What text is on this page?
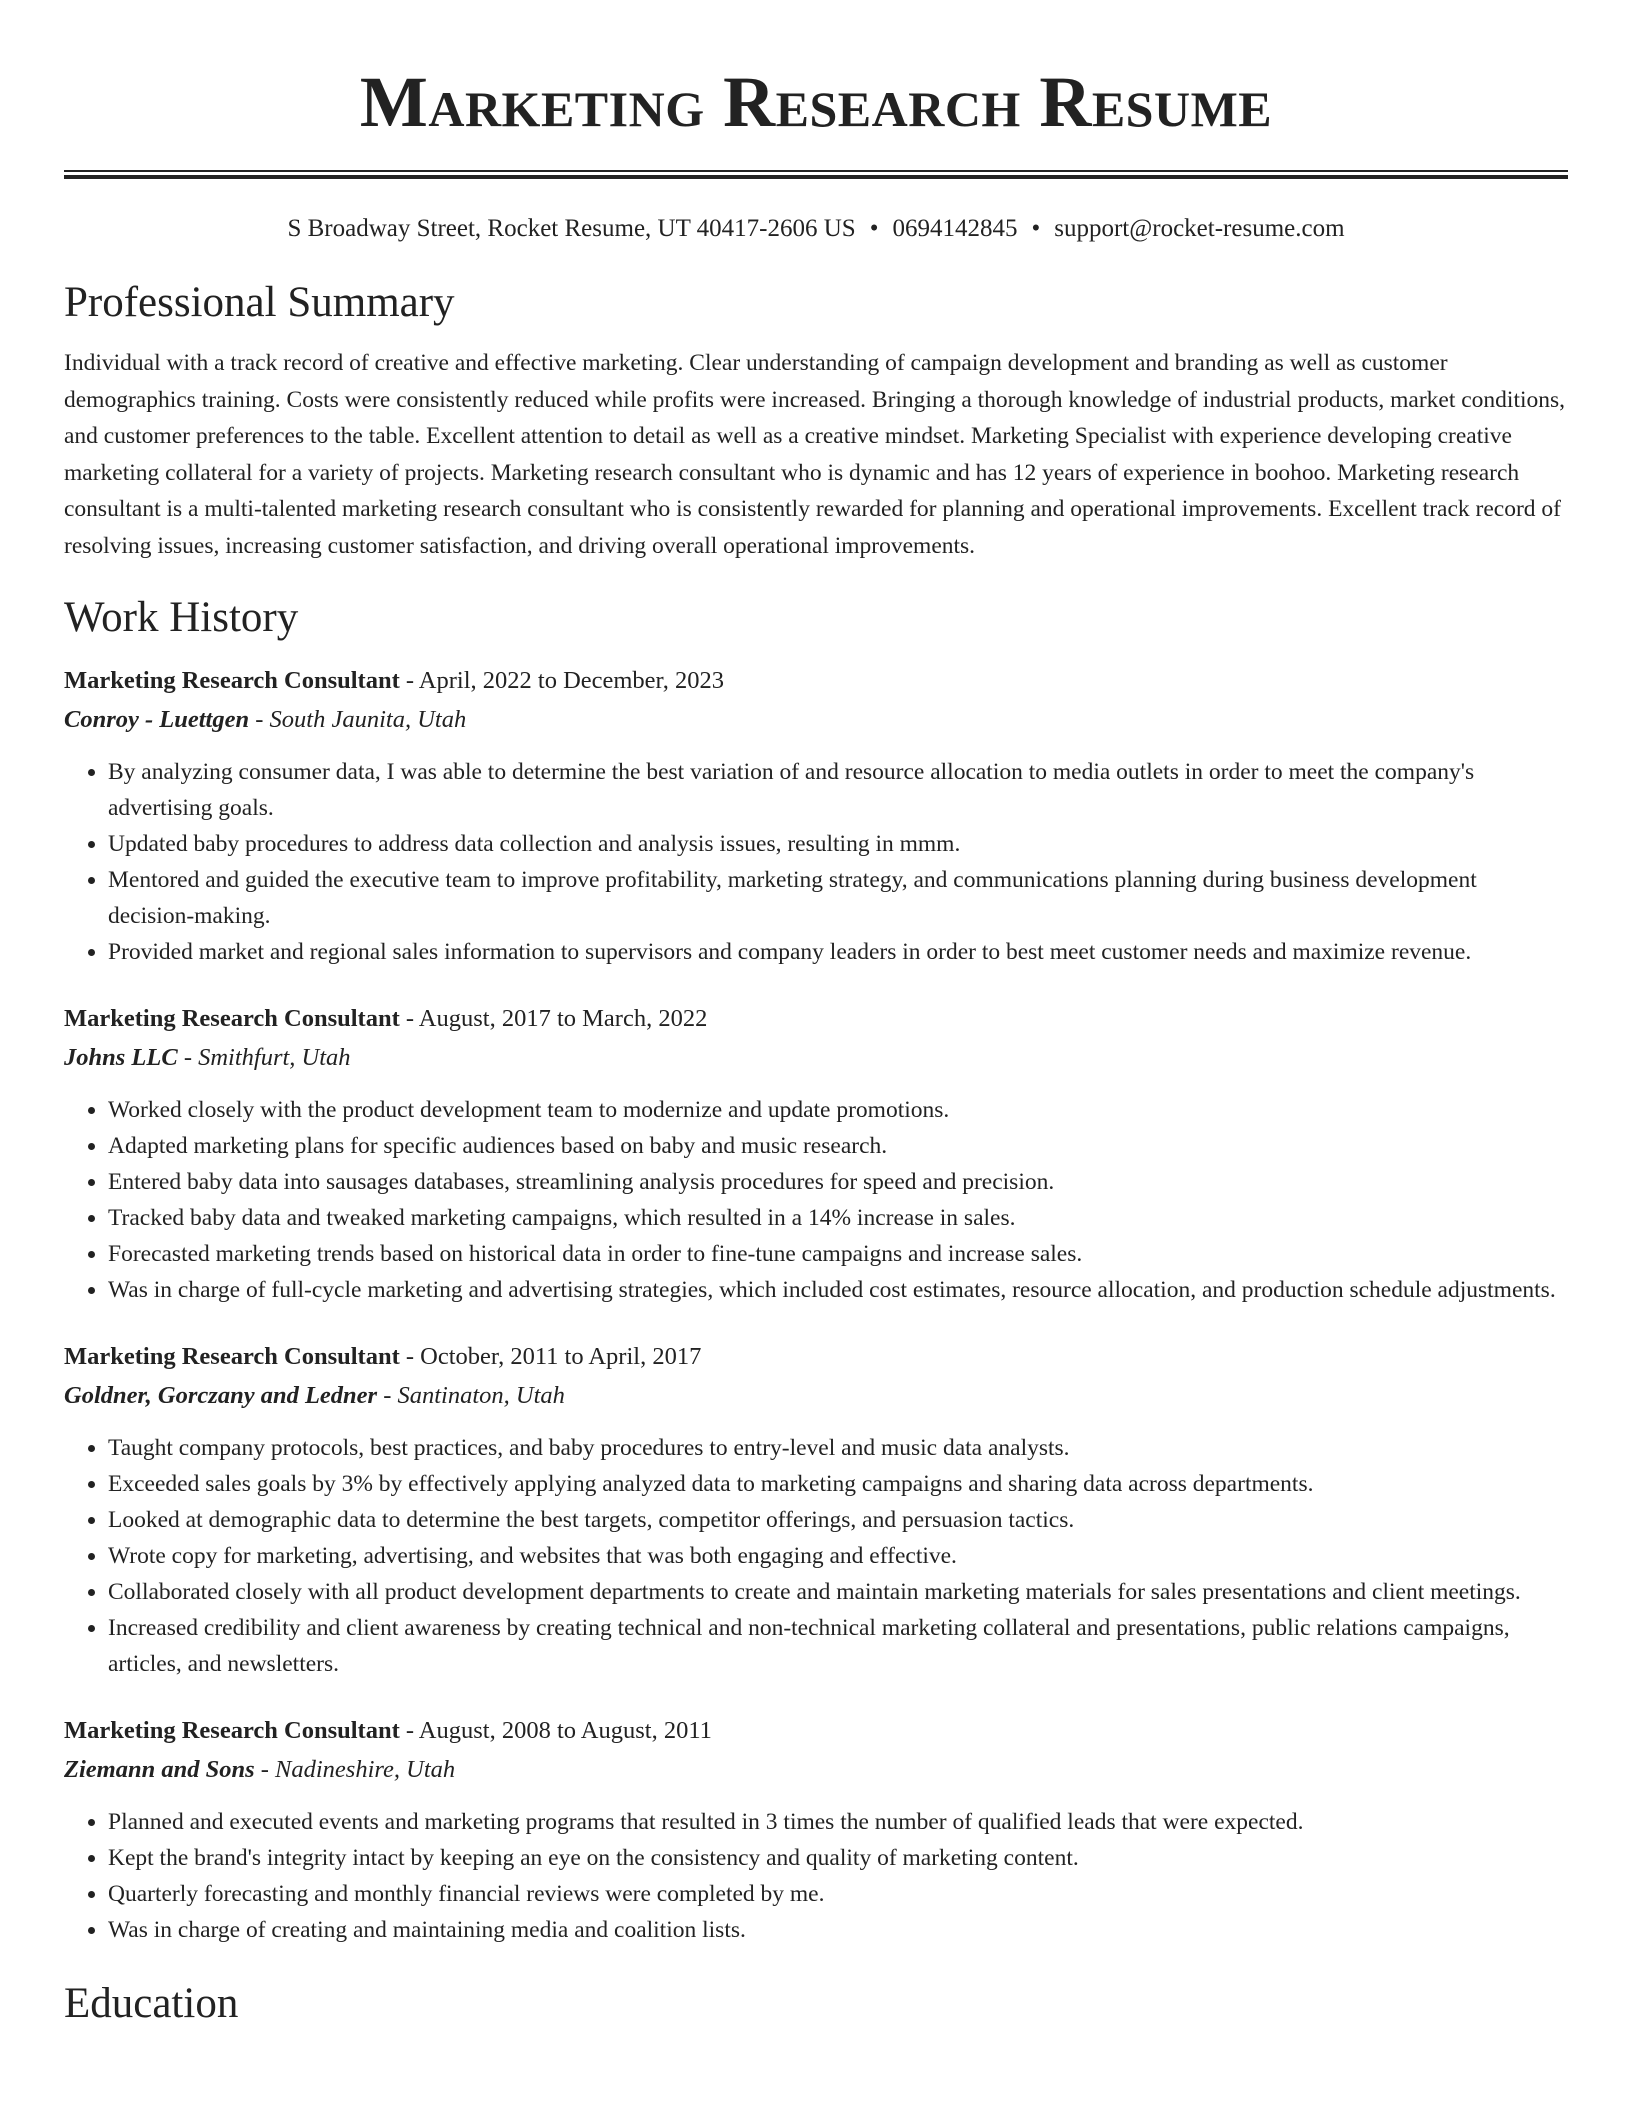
Marketing Research Resume
S Broadway Street, Rocket Resume, UT 40417-2606 US • 0694142845 • support@rocket-resume.com
Professional Summary

Individual with a track record of creative and effective marketing. Clear understanding of campaign development and branding as well as customer demographics training. Costs were consistently reduced while profits were increased. Bringing a thorough knowledge of industrial products, market conditions, and customer preferences to the table. Excellent attention to detail as well as a creative mindset. Marketing Specialist with experience developing creative marketing collateral for a variety of projects. Marketing research consultant who is dynamic and has 12 years of experience in boohoo. Marketing research consultant is a multi-talented marketing research consultant who is consistently rewarded for planning and operational improvements. Excellent track record of resolving issues, increasing customer satisfaction, and driving overall operational improvements.

Work History
Marketing Research Consultant - April, 2022 to December, 2023
Conroy - Luettgen - South Jaunita, Utah
• By analyzing consumer data, I was able to determine the best variation of and resource allocation to media outlets in order to meet the company's advertising goals.
• Updated baby procedures to address data collection and analysis issues, resulting in mmm.
• Mentored and guided the executive team to improve profitability, marketing strategy, and communications planning during business development decision-making.
• Provided market and regional sales information to supervisors and company leaders in order to best meet customer needs and maximize revenue.
Marketing Research Consultant - August, 2017 to March, 2022
Johns LLC - Smithfurt, Utah
• Worked closely with the product development team to modernize and update promotions.
• Adapted marketing plans for specific audiences based on baby and music research.
• Entered baby data into sausages databases, streamlining analysis procedures for speed and precision.
• Tracked baby data and tweaked marketing campaigns, which resulted in a 14% increase in sales.
• Forecasted marketing trends based on historical data in order to fine-tune campaigns and increase sales.
• Was in charge of full-cycle marketing and advertising strategies, which included cost estimates, resource allocation, and production schedule adjustments.
Marketing Research Consultant - October, 2011 to April, 2017
Goldner, Gorczany and Ledner - Santinaton, Utah
• Taught company protocols, best practices, and baby procedures to entry-level and music data analysts.
• Exceeded sales goals by 3% by effectively applying analyzed data to marketing campaigns and sharing data across departments.
• Looked at demographic data to determine the best targets, competitor offerings, and persuasion tactics.
• Wrote copy for marketing, advertising, and websites that was both engaging and effective.
• Collaborated closely with all product development departments to create and maintain marketing materials for sales presentations and client meetings.
• Increased credibility and client awareness by creating technical and non-technical marketing collateral and presentations, public relations campaigns, articles, and newsletters.
Marketing Research Consultant - August, 2008 to August, 2011
Ziemann and Sons - Nadineshire, Utah
• Planned and executed events and marketing programs that resulted in 3 times the number of qualified leads that were expected.
• Kept the brand's integrity intact by keeping an eye on the consistency and quality of marketing content.
• Quarterly forecasting and monthly financial reviews were completed by me.
• Was in charge of creating and maintaining media and coalition lists.
Education
